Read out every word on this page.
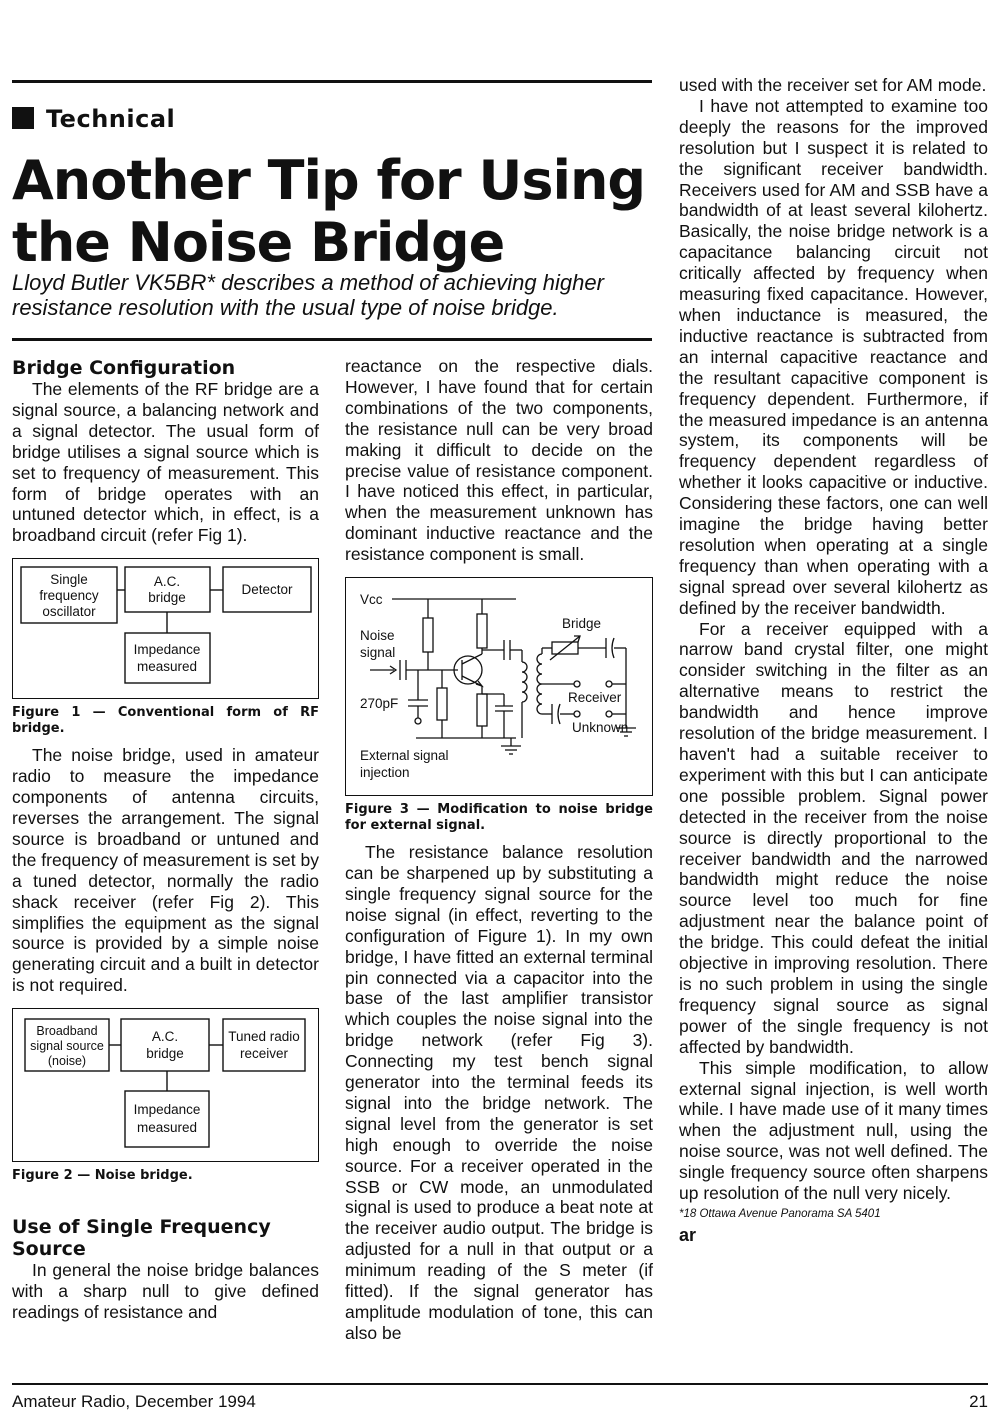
Technical
Another Tip for Using
the Noise Bridge

Lloyd Butler VK5BR* describes a method of achieving higher resistance resolution with the usual type of noise bridge.

Bridge Configuration

The elements of the RF bridge are a signal source, a balancing network and a signal detector. The usual form of bridge utilises a signal source which is set to frequency of measurement. This form of bridge operates with an untuned detector which, in effect, is a broadband circuit (refer Fig 1).

Single
frequency
oscillator
A.C.
bridge
Detector
Impedance
measured

Figure 1 — Conventional form of RF bridge.

The noise bridge, used in amateur radio to measure the impedance components of antenna circuits, reverses the arrangement. The signal source is broadband or untuned and the frequency of measurement is set by a tuned detector, normally the radio shack receiver (refer Fig 2). This simplifies the equipment as the signal source is provided by a simple noise generating circuit and a built in detector is not required.

Broadband
signal source
(noise)
A.C.
bridge
Tuned radio
receiver
Impedance
measured

Figure 2 — Noise bridge.

Use of Single Frequency Source

In general the noise bridge balances with a sharp null to give defined readings of resistance and

reactance on the respective dials. However, I have found that for certain combinations of the two components, the resistance null can be very broad making it difficult to decide on the precise value of resistance component. I have noticed this effect, in particular, when the measurement unknown has dominant inductive reactance and the resistance component is small.

Vcc
Noise
signal
270pF
Bridge
Receiver
Unknown
External signal
injection

Figure 3 — Modification to noise bridge for external signal.

The resistance balance resolution can be sharpened up by substituting a single frequency signal source for the noise signal (in effect, reverting to the configuration of Figure 1). In my own bridge, I have fitted an external terminal pin connected via a capacitor into the base of the last amplifier transistor which couples the noise signal into the bridge network (refer Fig 3). Connecting my test bench signal generator into the terminal feeds its signal into the bridge network. The signal level from the generator is set high enough to override the noise source. For a receiver operated in the SSB or CW mode, an unmodulated signal is used to produce a beat note at the receiver audio output. The bridge is adjusted for a null in that output or a minimum reading of the S meter (if fitted). If the signal generator has amplitude modulation of tone, this can also be

used with the receiver set for AM mode.

I have not attempted to examine too deeply the reasons for the improved resolution but I suspect it is related to the significant receiver bandwidth. Receivers used for AM and SSB have a bandwidth of at least several kilohertz. Basically, the noise bridge network is a capacitance balancing circuit not critically affected by frequency when measuring fixed capacitance. However, when inductance is measured, the inductive reactance is subtracted from an internal capacitive reactance and the resultant capacitive component is frequency dependent. Furthermore, if the measured impedance is an antenna system, its components will be frequency dependent regardless of whether it looks capacitive or inductive. Considering these factors, one can well imagine the bridge having better resolution when operating at a single frequency than when operating with a signal spread over several kilohertz as defined by the receiver bandwidth.

For a receiver equipped with a narrow band crystal filter, one might consider switching in the filter as an alternative means to restrict the bandwidth and hence improve resolution of the bridge measurement. I haven't had a suitable receiver to experiment with this but I can anticipate one possible problem. Signal power detected in the receiver from the noise source is directly proportional to the receiver bandwidth and the narrowed bandwidth might reduce the noise source level too much for fine adjustment near the balance point of the bridge. This could defeat the initial objective in improving resolution. There is no such problem in using the single frequency signal source as signal power of the single frequency is not affected by bandwidth.

This simple modification, to allow external signal injection, is well worth while. I have made use of it many times when the adjustment null, using the noise source, was not well defined. The single frequency source often sharpens up resolution of the null very nicely.

*18 Ottawa Avenue Panorama SA 5401

ar

Amateur Radio, December 1994	21
